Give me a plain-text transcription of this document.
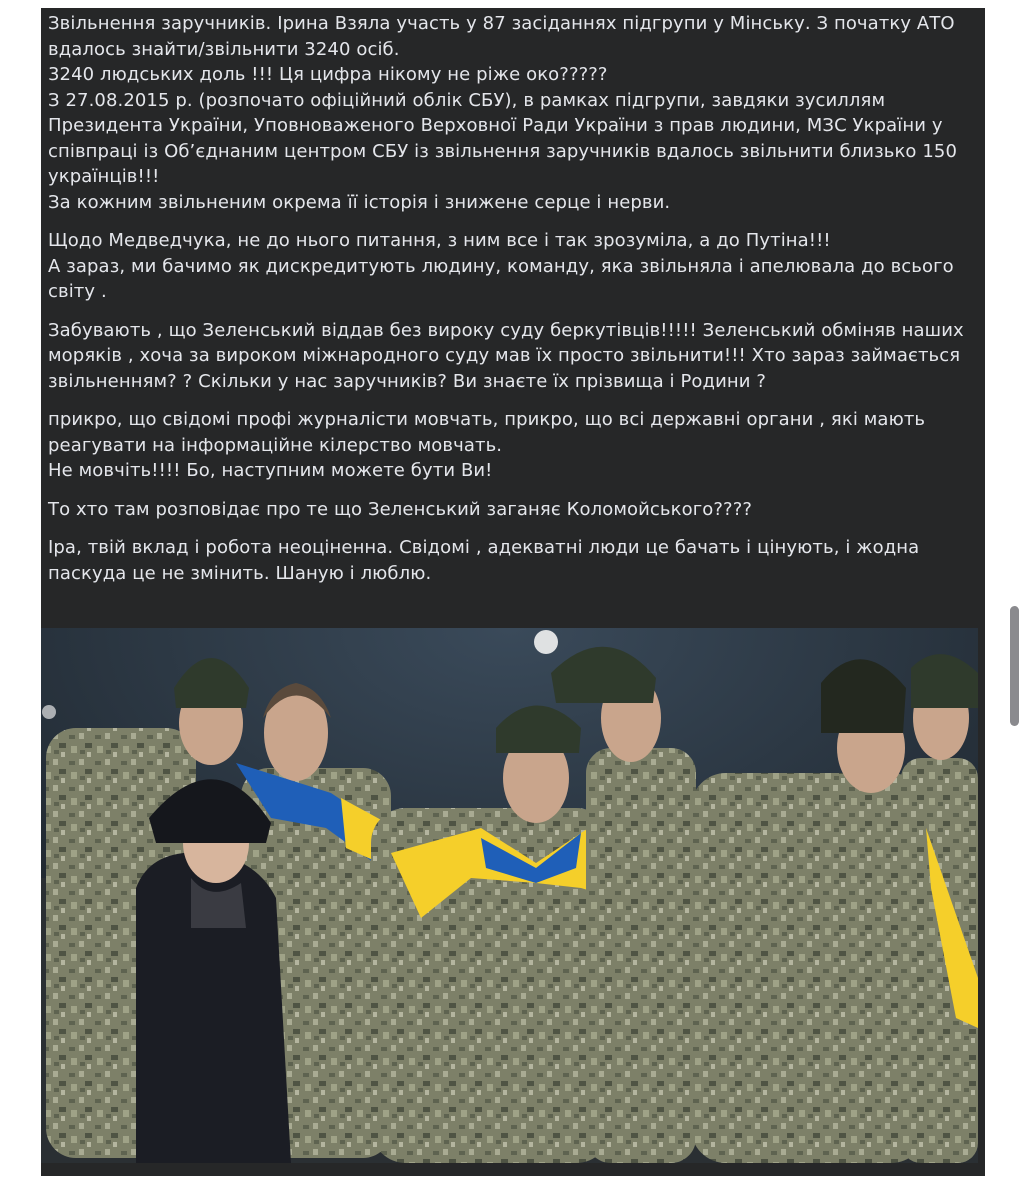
Звільнення заручників. Ірина Взяла участь у 87 засіданнях підгрупи у Мінську. З початку АТО вдалось знайти/звільнити 3240 осіб.
3240 людських доль !!! Ця цифра нікому не ріже око?????
З 27.08.2015 р. (розпочато офіційний облік СБУ), в рамках підгрупи, завдяки зусиллям Президента України, Уповноваженого Верховної Ради України з прав людини, МЗС України у співпраці із Об’єднаним центром СБУ із звільнення заручників вдалось звільнити близько 150 українців!!!
За кожним звільненим окрема її історія і знижене серце і нерви.

Щодо Медведчука, не до нього питання, з ним все і так зрозуміла, а до Путіна!!!
А зараз, ми бачимо як дискредитують людину, команду, яка звільняла і апелювала до всього світу .

Забувають , що Зеленський віддав без вироку суду беркутівців!!!!! Зеленський обміняв наших моряків , хоча за вироком міжнародного суду мав їх просто звільнити!!! Хто зараз займається звільненням? ? Скільки у нас заручників? Ви знаєте їх прізвища і Родини ?

прикро, що свідомі профі журналісти мовчать, прикро, що всі державні органи , які мають реагувати на інформаційне кілерство мовчать.
Не мовчіть!!!! Бо, наступним можете бути Ви!

То хто там розповідає про те що Зеленський заганяє Коломойського????

Іра, твій вклад і робота неоціненна. Свідомі , адекватні люди це бачать і цінують, і жодна паскуда це не змінить. Шаную і люблю.
